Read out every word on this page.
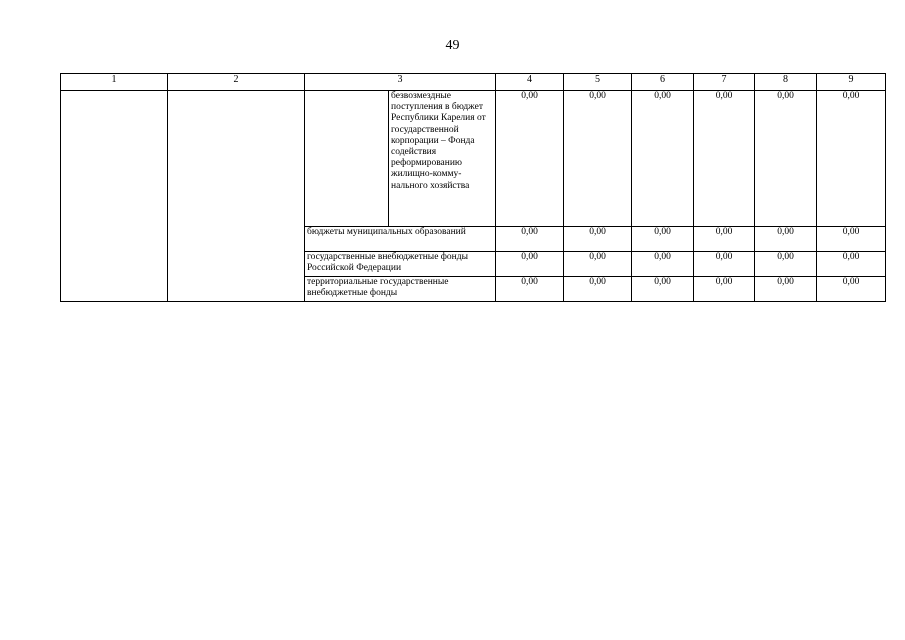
49
1	2	3		4	5	6	7	8	9
			безвозмездные поступления в бюджет Республики Карелия от государственной корпорации – Фонда содействия реформированию жилищно-комму-нального хозяйства	0,00	0,00	0,00	0,00	0,00	0,00
		бюджеты муниципальных образований		0,00	0,00	0,00	0,00	0,00	0,00
		государственные внебюджетные фонды Российской Федерации		0,00	0,00	0,00	0,00	0,00	0,00
		территориальные государственные внебюджетные фонды		0,00	0,00	0,00	0,00	0,00	0,00
